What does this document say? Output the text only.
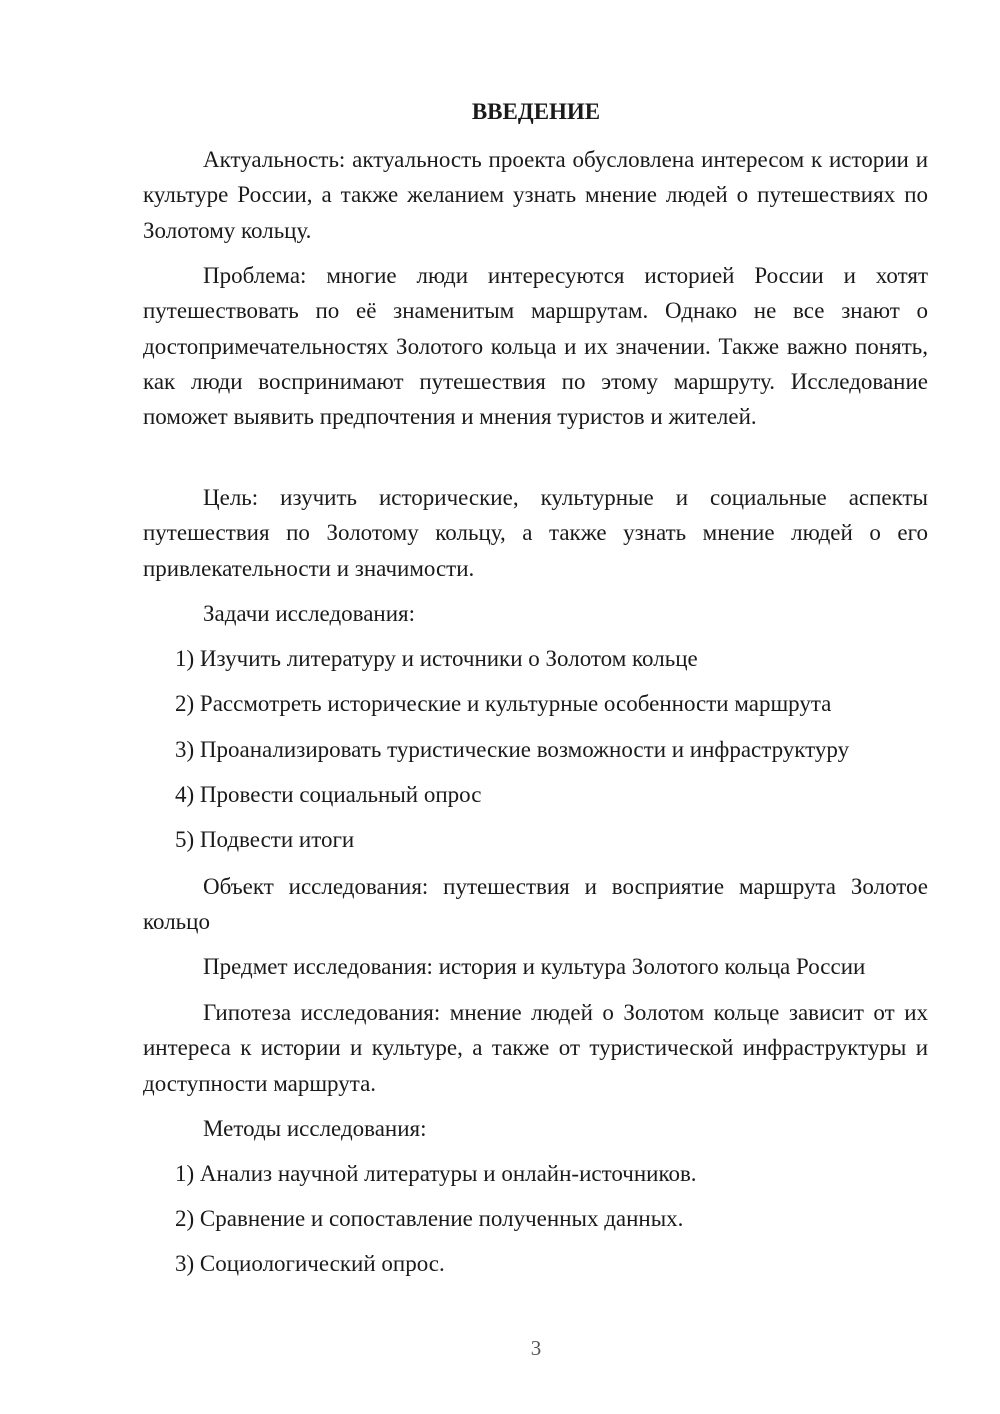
ВВЕДЕНИЕ

Актуальность: актуальность проекта обусловлена интересом к истории и культуре России, а также желанием узнать мнение людей о путешествиях по Золотому кольцу.

Проблема: многие люди интересуются историей России и хотят путешествовать по её знаменитым маршрутам. Однако не все знают о достопримечательностях Золотого кольца и их значении. Также важно понять, как люди воспринимают путешествия по этому маршруту. Исследование поможет выявить предпочтения и мнения туристов и жителей.

Цель: изучить исторические, культурные и социальные аспекты путешествия по Золотому кольцу, а также узнать мнение людей о его привлекательности и значимости.

Задачи исследования:

1) Изучить литературу и источники о Золотом кольце

2) Рассмотреть исторические и культурные особенности маршрута

3) Проанализировать туристические возможности и инфраструктуру

4) Провести социальный опрос

5) Подвести итоги

Объект исследования: путешествия и восприятие маршрута Золотое кольцо

Предмет исследования: история и культура Золотого кольца России

Гипотеза исследования: мнение людей о Золотом кольце зависит от их интереса к истории и культуре, а также от туристической инфраструктуры и доступности маршрута.

Методы исследования:

1) Анализ научной литературы и онлайн-источников.

2) Сравнение и сопоставление полученных данных.

3) Социологический опрос.

3
